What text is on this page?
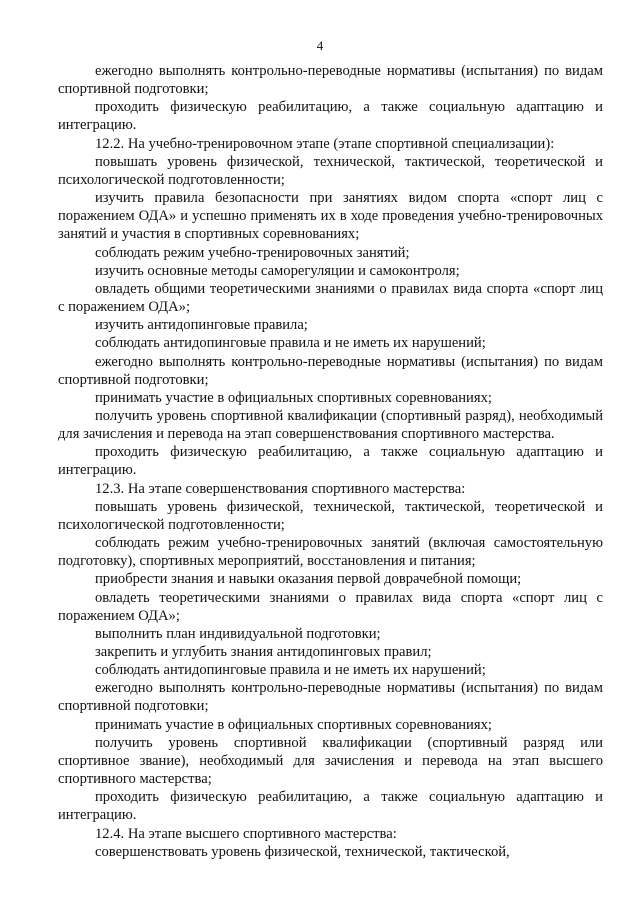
4

ежегодно выполнять контрольно-переводные нормативы (испытания) по видам спортивной подготовки;

проходить физическую реабилитацию, а также социальную адаптацию и интеграцию.

12.2. На учебно-тренировочном этапе (этапе спортивной специализации):

повышать уровень физической, технической, тактической, теоретической и психологической подготовленности;

изучить правила безопасности при занятиях видом спорта «спорт лиц с поражением ОДА» и успешно применять их в ходе проведения учебно-тренировочных занятий и участия в спортивных соревнованиях;

соблюдать режим учебно-тренировочных занятий;

изучить основные методы саморегуляции и самоконтроля;

овладеть общими теоретическими знаниями о правилах вида спорта «спорт лиц с поражением ОДА»;

изучить антидопинговые правила;

соблюдать антидопинговые правила и не иметь их нарушений;

ежегодно выполнять контрольно-переводные нормативы (испытания) по видам спортивной подготовки;

принимать участие в официальных спортивных соревнованиях;

получить уровень спортивной квалификации (спортивный разряд), необходимый для зачисления и перевода на этап совершенствования спортивного мастерства.

проходить физическую реабилитацию, а также социальную адаптацию и интеграцию.

12.3. На этапе совершенствования спортивного мастерства:

повышать уровень физической, технической, тактической, теоретической и психологической подготовленности;

соблюдать режим учебно-тренировочных занятий (включая самостоятельную подготовку), спортивных мероприятий, восстановления и питания;

приобрести знания и навыки оказания первой доврачебной помощи;

овладеть теоретическими знаниями о правилах вида спорта «спорт лиц с поражением ОДА»;

выполнить план индивидуальной подготовки;

закрепить и углубить знания антидопинговых правил;

соблюдать антидопинговые правила и не иметь их нарушений;

ежегодно выполнять контрольно-переводные нормативы (испытания) по видам спортивной подготовки;

принимать участие в официальных спортивных соревнованиях;

получить уровень спортивной квалификации (спортивный разряд или спортивное звание), необходимый для зачисления и перевода на этап высшего спортивного мастерства;

проходить физическую реабилитацию, а также социальную адаптацию и интеграцию.

12.4. На этапе высшего спортивного мастерства:

совершенствовать уровень физической, технической, тактической,
